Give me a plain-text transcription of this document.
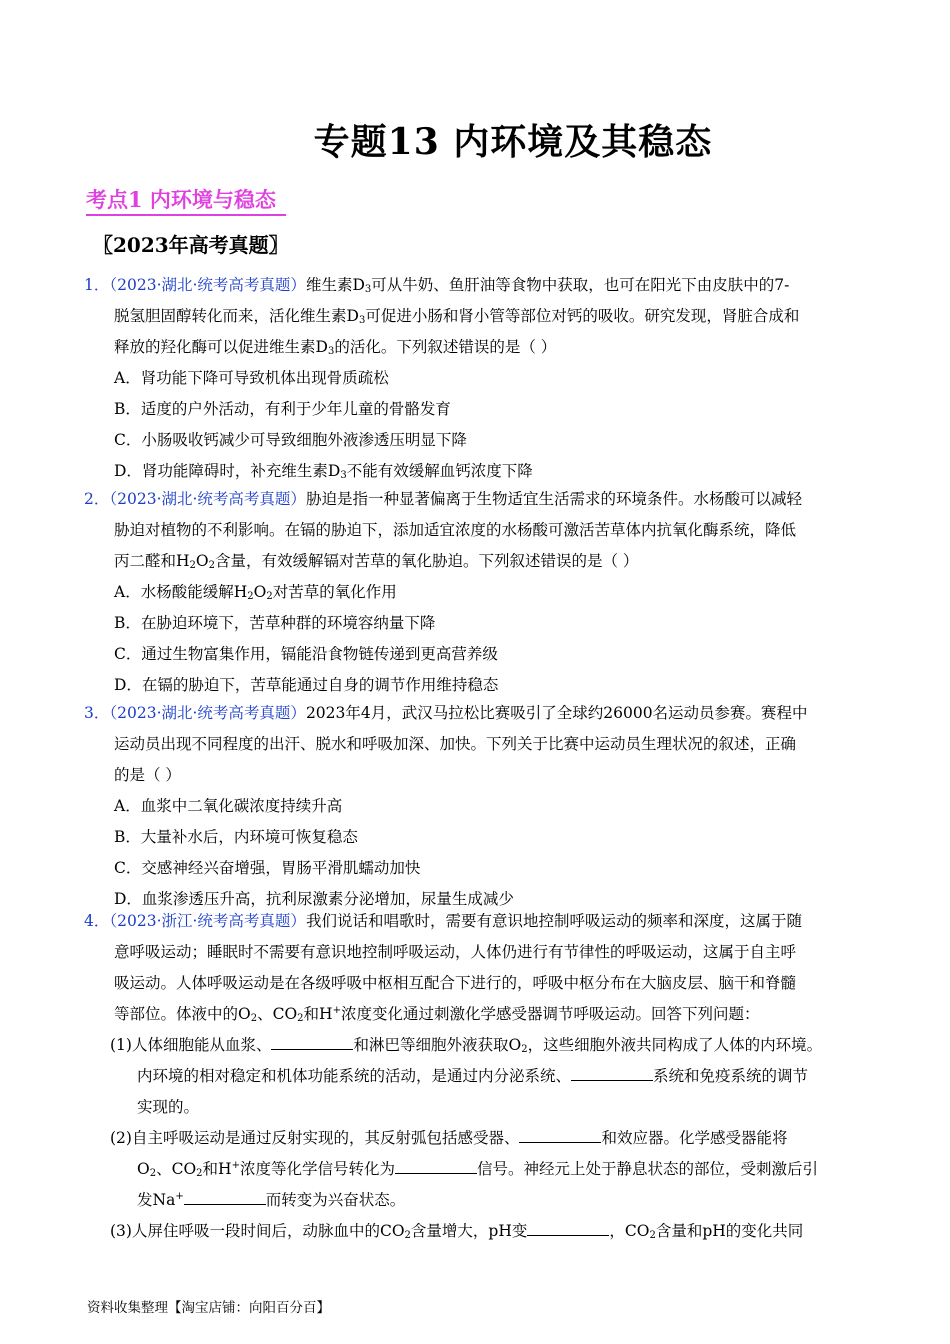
专题13 内环境及其稳态
考点1 内环境与稳态
〖2023年高考真题〗
1．（2023·湖北·统考高考真题）维生素$D_3$可从牛奶、鱼肝油等食物中获取，也可在阳光下由皮肤中的7-
脱氢胆固醇转化而来，活化维生素$D_3$可促进小肠和肾小管等部位对钙的吸收。研究发现，肾脏合成和
释放的羟化酶可以促进维生素$D_3$的活化。下列叙述错误的是（ ）
A．肾功能下降可导致机体出现骨质疏松
B．适度的户外活动，有利于少年儿童的骨骼发育
C．小肠吸收钙减少可导致细胞外液渗透压明显下降
D．肾功能障碍时，补充维生素$D_3$不能有效缓解血钙浓度下降
2．（2023·湖北·统考高考真题）胁迫是指一种显著偏离于生物适宜生活需求的环境条件。水杨酸可以减轻
胁迫对植物的不利影响。在镉的胁迫下，添加适宜浓度的水杨酸可激活苦草体内抗氧化酶系统，降低
丙二醛和$H_2O_2$含量，有效缓解镉对苦草的氧化胁迫。下列叙述错误的是（ ）
A．水杨酸能缓解$H_2O_2$对苦草的氧化作用
B．在胁迫环境下，苦草种群的环境容纳量下降
C．通过生物富集作用，镉能沿食物链传递到更高营养级
D．在镉的胁迫下，苦草能通过自身的调节作用维持稳态
3．（2023·湖北·统考高考真题）2023年4月，武汉马拉松比赛吸引了全球约26000名运动员参赛。赛程中
运动员出现不同程度的出汗、脱水和呼吸加深、加快。下列关于比赛中运动员生理状况的叙述，正确
的是（ ）
A．血浆中二氧化碳浓度持续升高
B．大量补水后，内环境可恢复稳态
C．交感神经兴奋增强，胃肠平滑肌蠕动加快
D．血浆渗透压升高，抗利尿激素分泌增加，尿量生成减少
4．（2023·浙江·统考高考真题）我们说话和唱歌时，需要有意识地控制呼吸运动的频率和深度，这属于随
意呼吸运动；睡眠时不需要有意识地控制呼吸运动，人体仍进行有节律性的呼吸运动，这属于自主呼
吸运动。人体呼吸运动是在各级呼吸中枢相互配合下进行的，呼吸中枢分布在大脑皮层、脑干和脊髓
等部位。体液中的$O_2$、$CO_2$和H+浓度变化通过刺激化学感受器调节呼吸运动。回答下列问题：
(1)人体细胞能从血浆、	和淋巴等细胞外液获取$O_2$，这些细胞外液共同构成了人体的内环境。
内环境的相对稳定和机体功能系统的活动，是通过内分泌系统、	系统和免疫系统的调节
实现的。
(2)自主呼吸运动是通过反射实现的，其反射弧包括感受器、	和效应器。化学感受器能将
$O_2$、$CO_2$和H+浓度等化学信号转化为	信号。神经元上处于静息状态的部位，受刺激后引
发Na+	而转变为兴奋状态。
(3)人屏住呼吸一段时间后，动脉血中的$CO_2$含量增大，pH变	，$CO_2$含量和pH的变化共同
资料收集整理【淘宝店铺：向阳百分百】
